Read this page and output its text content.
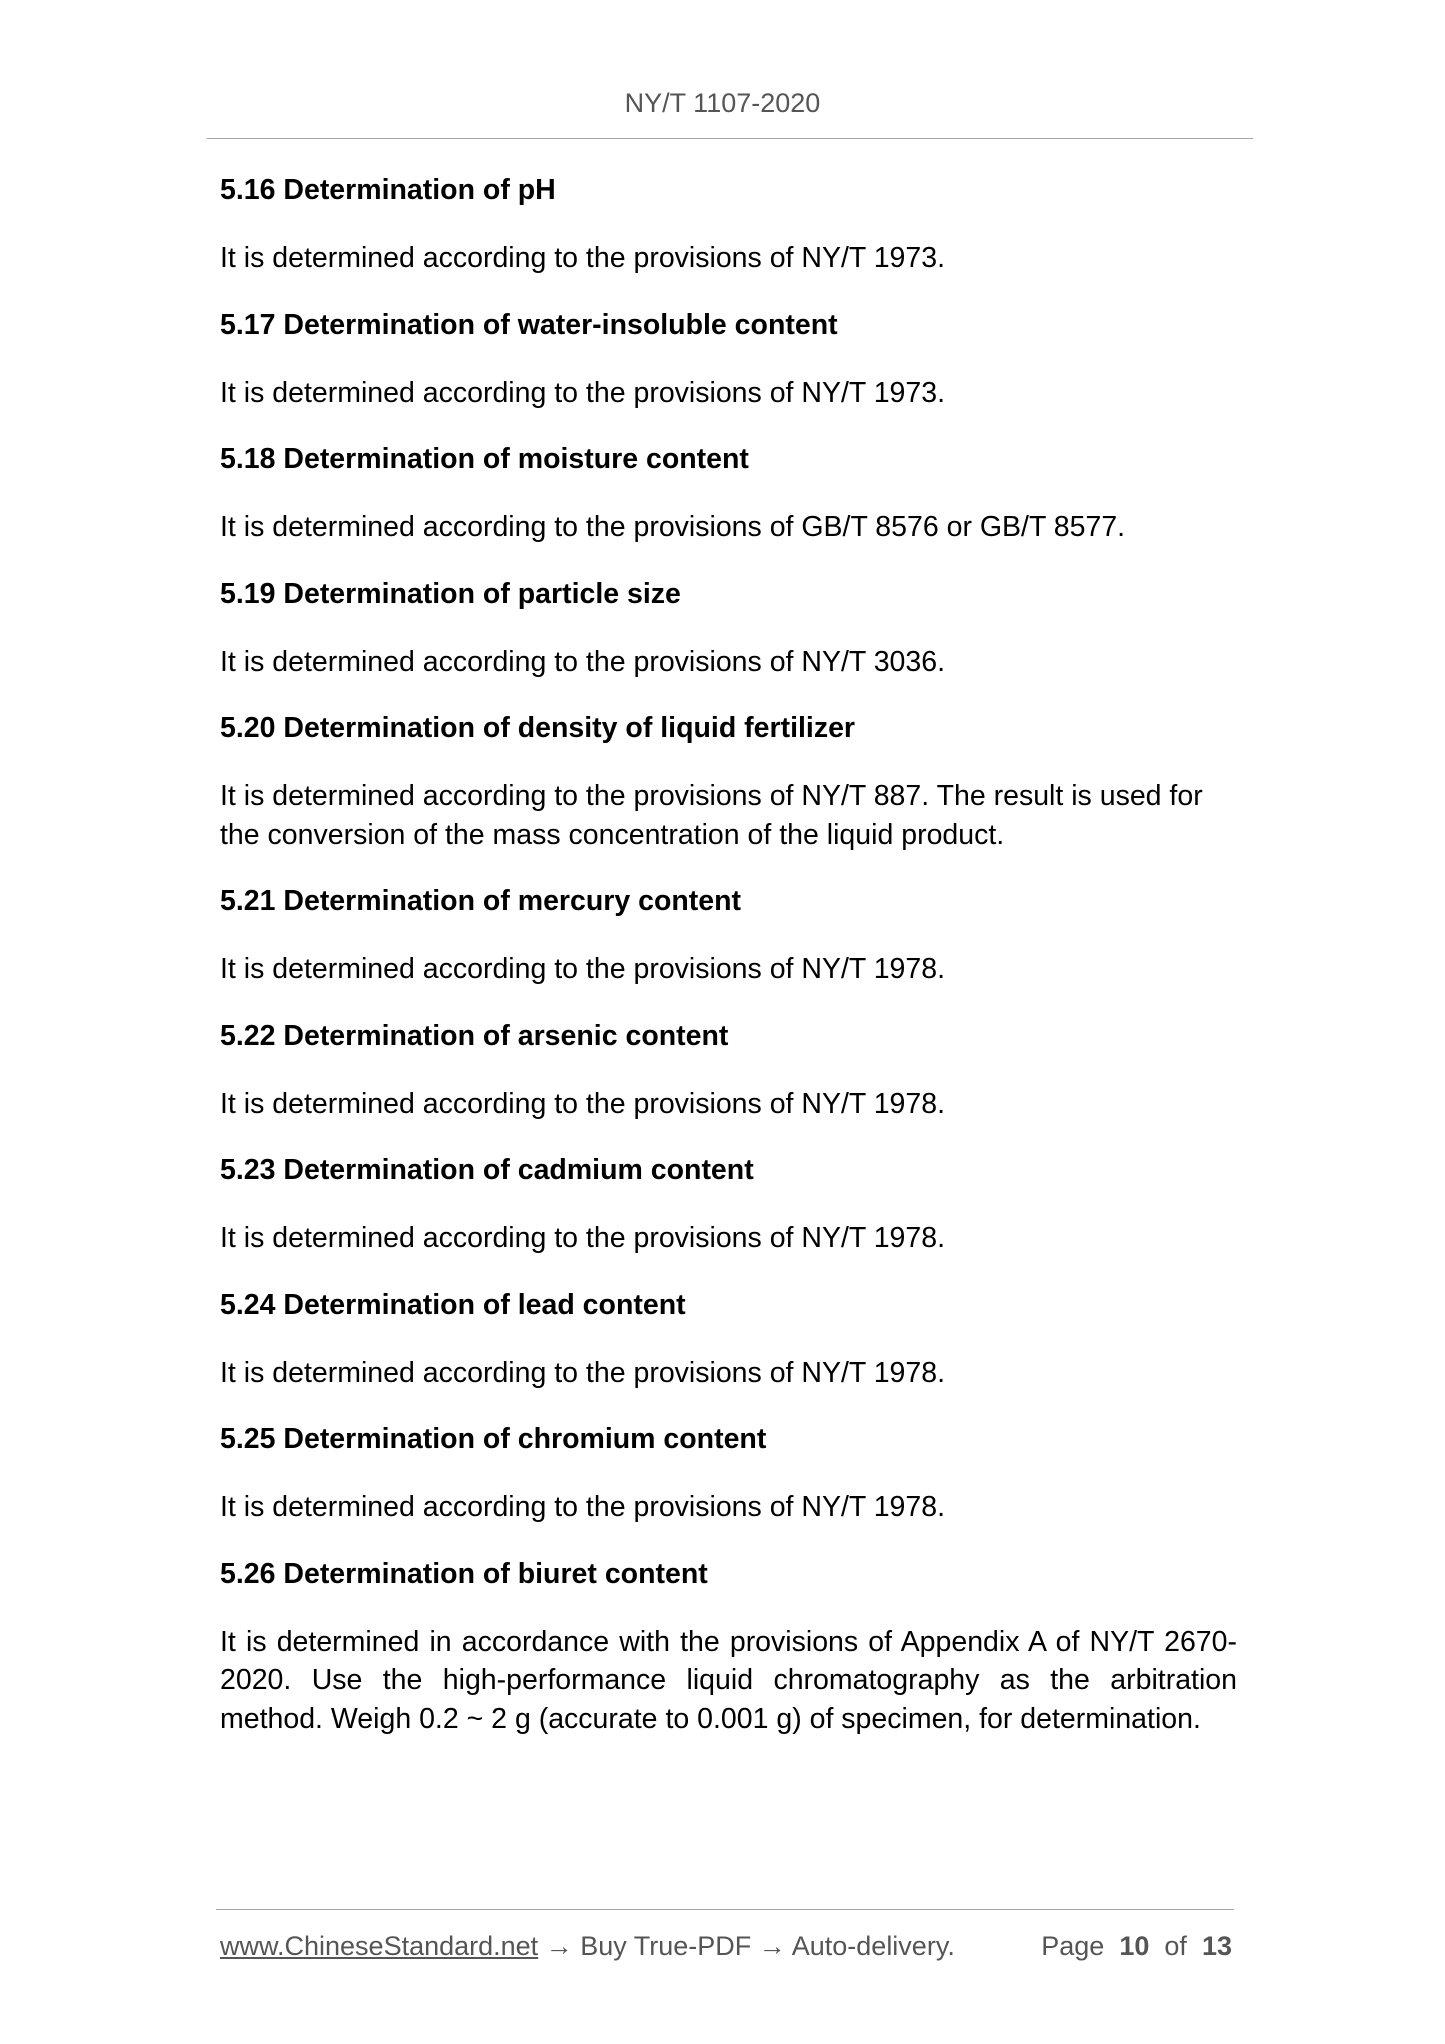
NY/T 1107-2020

5.16 Determination of pH

It is determined according to the provisions of NY/T 1973.

5.17 Determination of water-insoluble content

It is determined according to the provisions of NY/T 1973.

5.18 Determination of moisture content

It is determined according to the provisions of GB/T 8576 or GB/T 8577.

5.19 Determination of particle size

It is determined according to the provisions of NY/T 3036.

5.20 Determination of density of liquid fertilizer

It is determined according to the provisions of NY/T 887. The result is used for the conversion of the mass concentration of the liquid product.

5.21 Determination of mercury content

It is determined according to the provisions of NY/T 1978.

5.22 Determination of arsenic content

It is determined according to the provisions of NY/T 1978.

5.23 Determination of cadmium content

It is determined according to the provisions of NY/T 1978.

5.24 Determination of lead content

It is determined according to the provisions of NY/T 1978.

5.25 Determination of chromium content

It is determined according to the provisions of NY/T 1978.

5.26 Determination of biuret content

It is determined in accordance with the provisions of Appendix A of NY/T 2670-2020. Use the high-performance liquid chromatography as the arbitration method. Weigh 0.2 ~ 2 g (accurate to 0.001 g) of specimen, for determination.

www.ChineseStandard.net → Buy True-PDF → Auto-delivery.	Page 10 of 13
